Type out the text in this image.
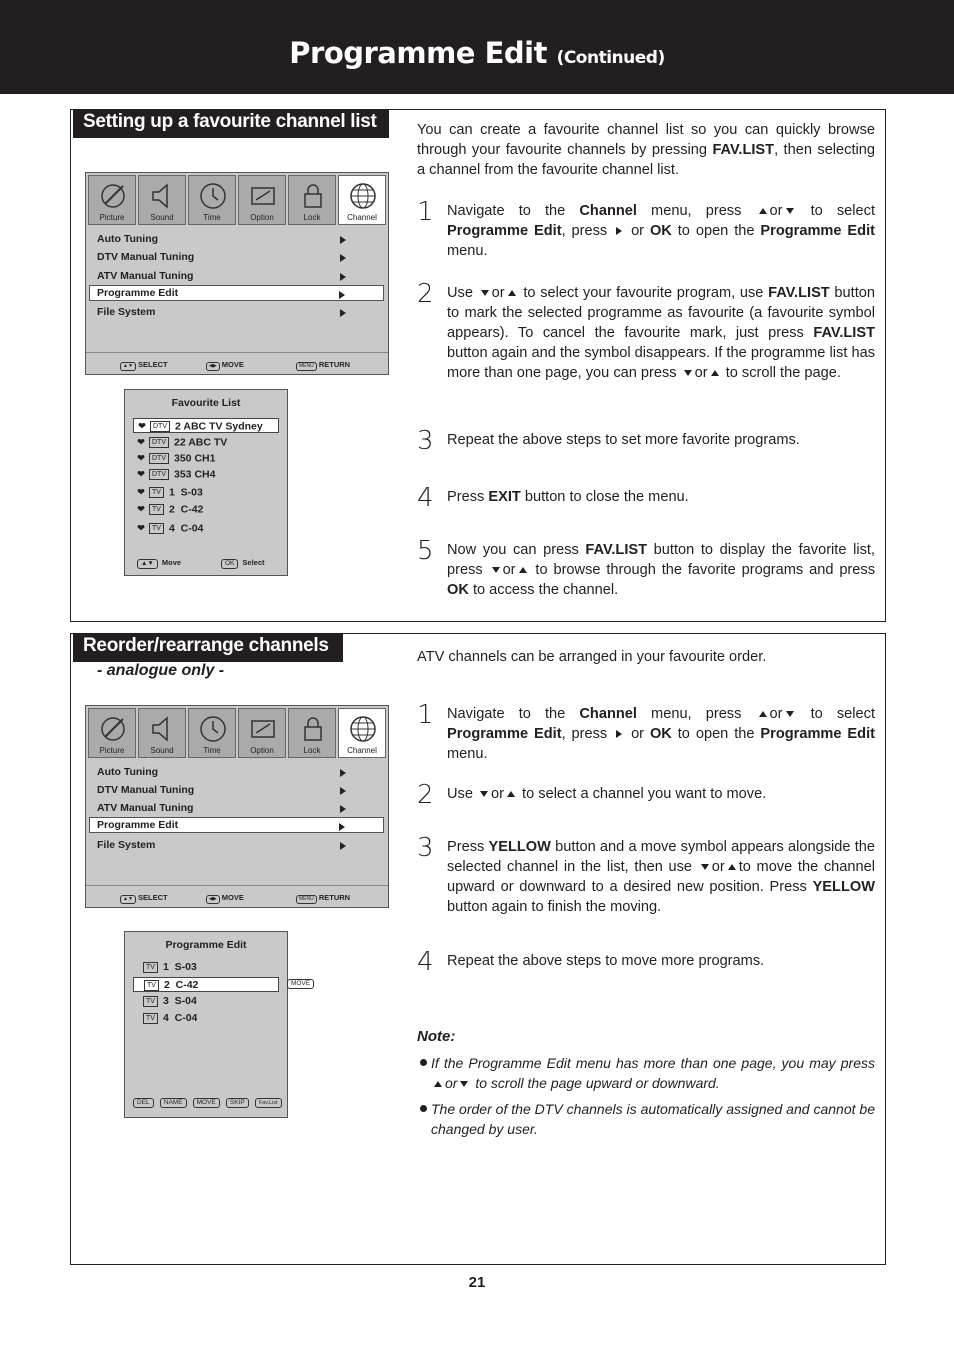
Programme Edit (Continued)
Setting up a favourite channel list
Picture	Sound	Time	Option	Lock	Channel
Auto Tuning
DTV Manual Tuning
ATV Manual Tuning
Programme Edit
File System
▲▼ SELECT	◀▶ MOVE	MENU RETURN
Favourite List
❤ DTV 2 ABC TV Sydney
❤ DTV 22 ABC TV
❤ DTV 350 CH1
❤ DTV 353 CH4
❤ TV 1 S-03
❤ TV 2 C-42
❤ TV 4 C-04
▲▼ Move	OK Select
You can create a favourite channel list so you can quickly browse through your favourite channels by pressing FAV.LIST, then selecting a channel from the favourite channel list.
1 Navigate to the Channel menu, press or to select Programme Edit, press  or OK to open the Programme Edit menu.
2 Use or to select your favourite program, use FAV.LIST button to mark the selected programme as favourite (a favourite symbol appears). To cancel the favourite mark, just press FAV.LIST button again and the symbol disappears. If the programme list has more than one page, you can press or to scroll the page.
3 Repeat the above steps to set more favorite programs.
4 Press EXIT button to close the menu.
5 Now you can press FAV.LIST button to display the favorite list, press or to browse through the favorite programs and press OK to access the channel.
Reorder/rearrange channels
- analogue only -
Picture	Sound	Time	Option	Lock	Channel
Auto Tuning
DTV Manual Tuning
ATV Manual Tuning
Programme Edit
File System
▲▼ SELECT	◀▶ MOVE	MENU RETURN
Programme Edit
TV 1 S-03
TV 2 C-42
TV 3 S-04
TV 4 C-04
DEL NAME MOVE SKIP	Fav.List
MOVE
ATV channels can be arranged in your favourite order.
1 Navigate to the Channel menu, press or to select Programme Edit, press  or OK to open the Programme Edit menu.
2 Use or to select a channel you want to move.
3 Press YELLOW button and a move symbol appears alongside the selected channel in the list, then use or to move the channel upward or downward to a desired new position. Press YELLOW button again to finish the moving.
4 Repeat the above steps to move more programs.
Note:
If the Programme Edit menu has more than one page, you may press or to scroll the page upward or downward.
The order of the DTV channels is automatically assigned and cannot be changed by user.
21
